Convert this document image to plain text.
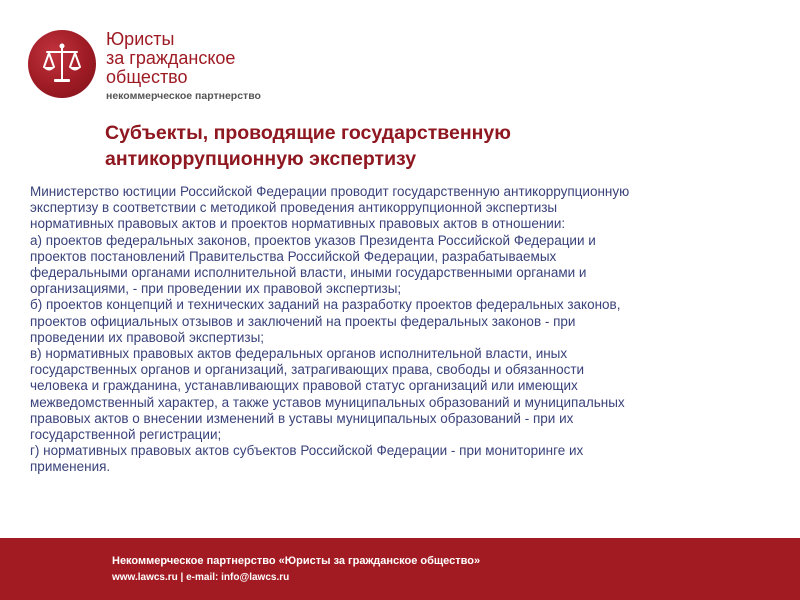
Юристы
за гражданское
общество
некоммерческое партнерство
Субъекты, проводящие государственную
антикоррупционную экспертизу
Министерство юстиции Российской Федерации проводит государственную антикоррупционную
экспертизу в соответствии с методикой проведения антикоррупционной экспертизы
нормативных правовых актов и проектов нормативных правовых актов в отношении:
а) проектов федеральных законов, проектов указов Президента Российской Федерации и
проектов постановлений Правительства Российской Федерации, разрабатываемых
федеральными органами исполнительной власти, иными государственными органами и
организациями, - при проведении их правовой экспертизы;
б) проектов концепций и технических заданий на разработку проектов федеральных законов,
проектов официальных отзывов и заключений на проекты федеральных законов - при
проведении их правовой экспертизы;
в) нормативных правовых актов федеральных органов исполнительной власти, иных
государственных органов и организаций, затрагивающих права, свободы и обязанности
человека и гражданина, устанавливающих правовой статус организаций или имеющих
межведомственный характер, а также уставов муниципальных образований и муниципальных
правовых актов о внесении изменений в уставы муниципальных образований - при их
государственной регистрации;
г) нормативных правовых актов субъектов Российской Федерации - при мониторинге их
применения.
Некоммерческое партнерство «Юристы за гражданское общество»
www.lawcs.ru | e-mail: info@lawcs.ru
